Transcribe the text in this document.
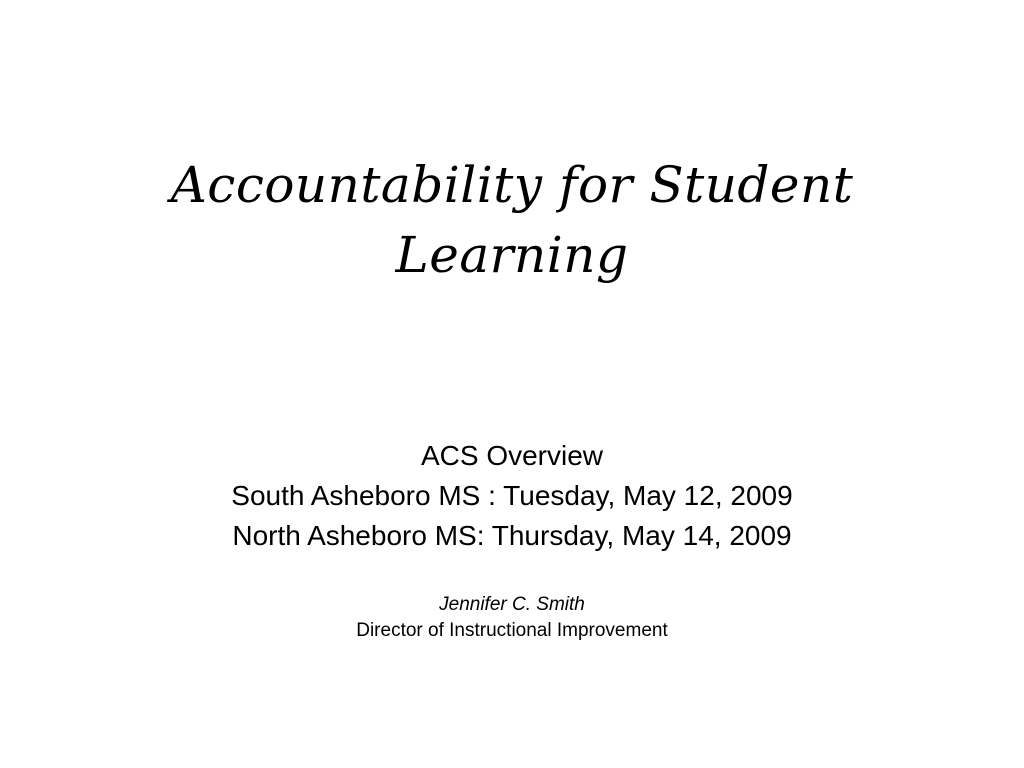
Accountability for Student
Learning
ACS Overview
South Asheboro MS : Tuesday, May 12, 2009
North Asheboro MS: Thursday, May 14, 2009
Jennifer C. Smith
Director of Instructional Improvement
